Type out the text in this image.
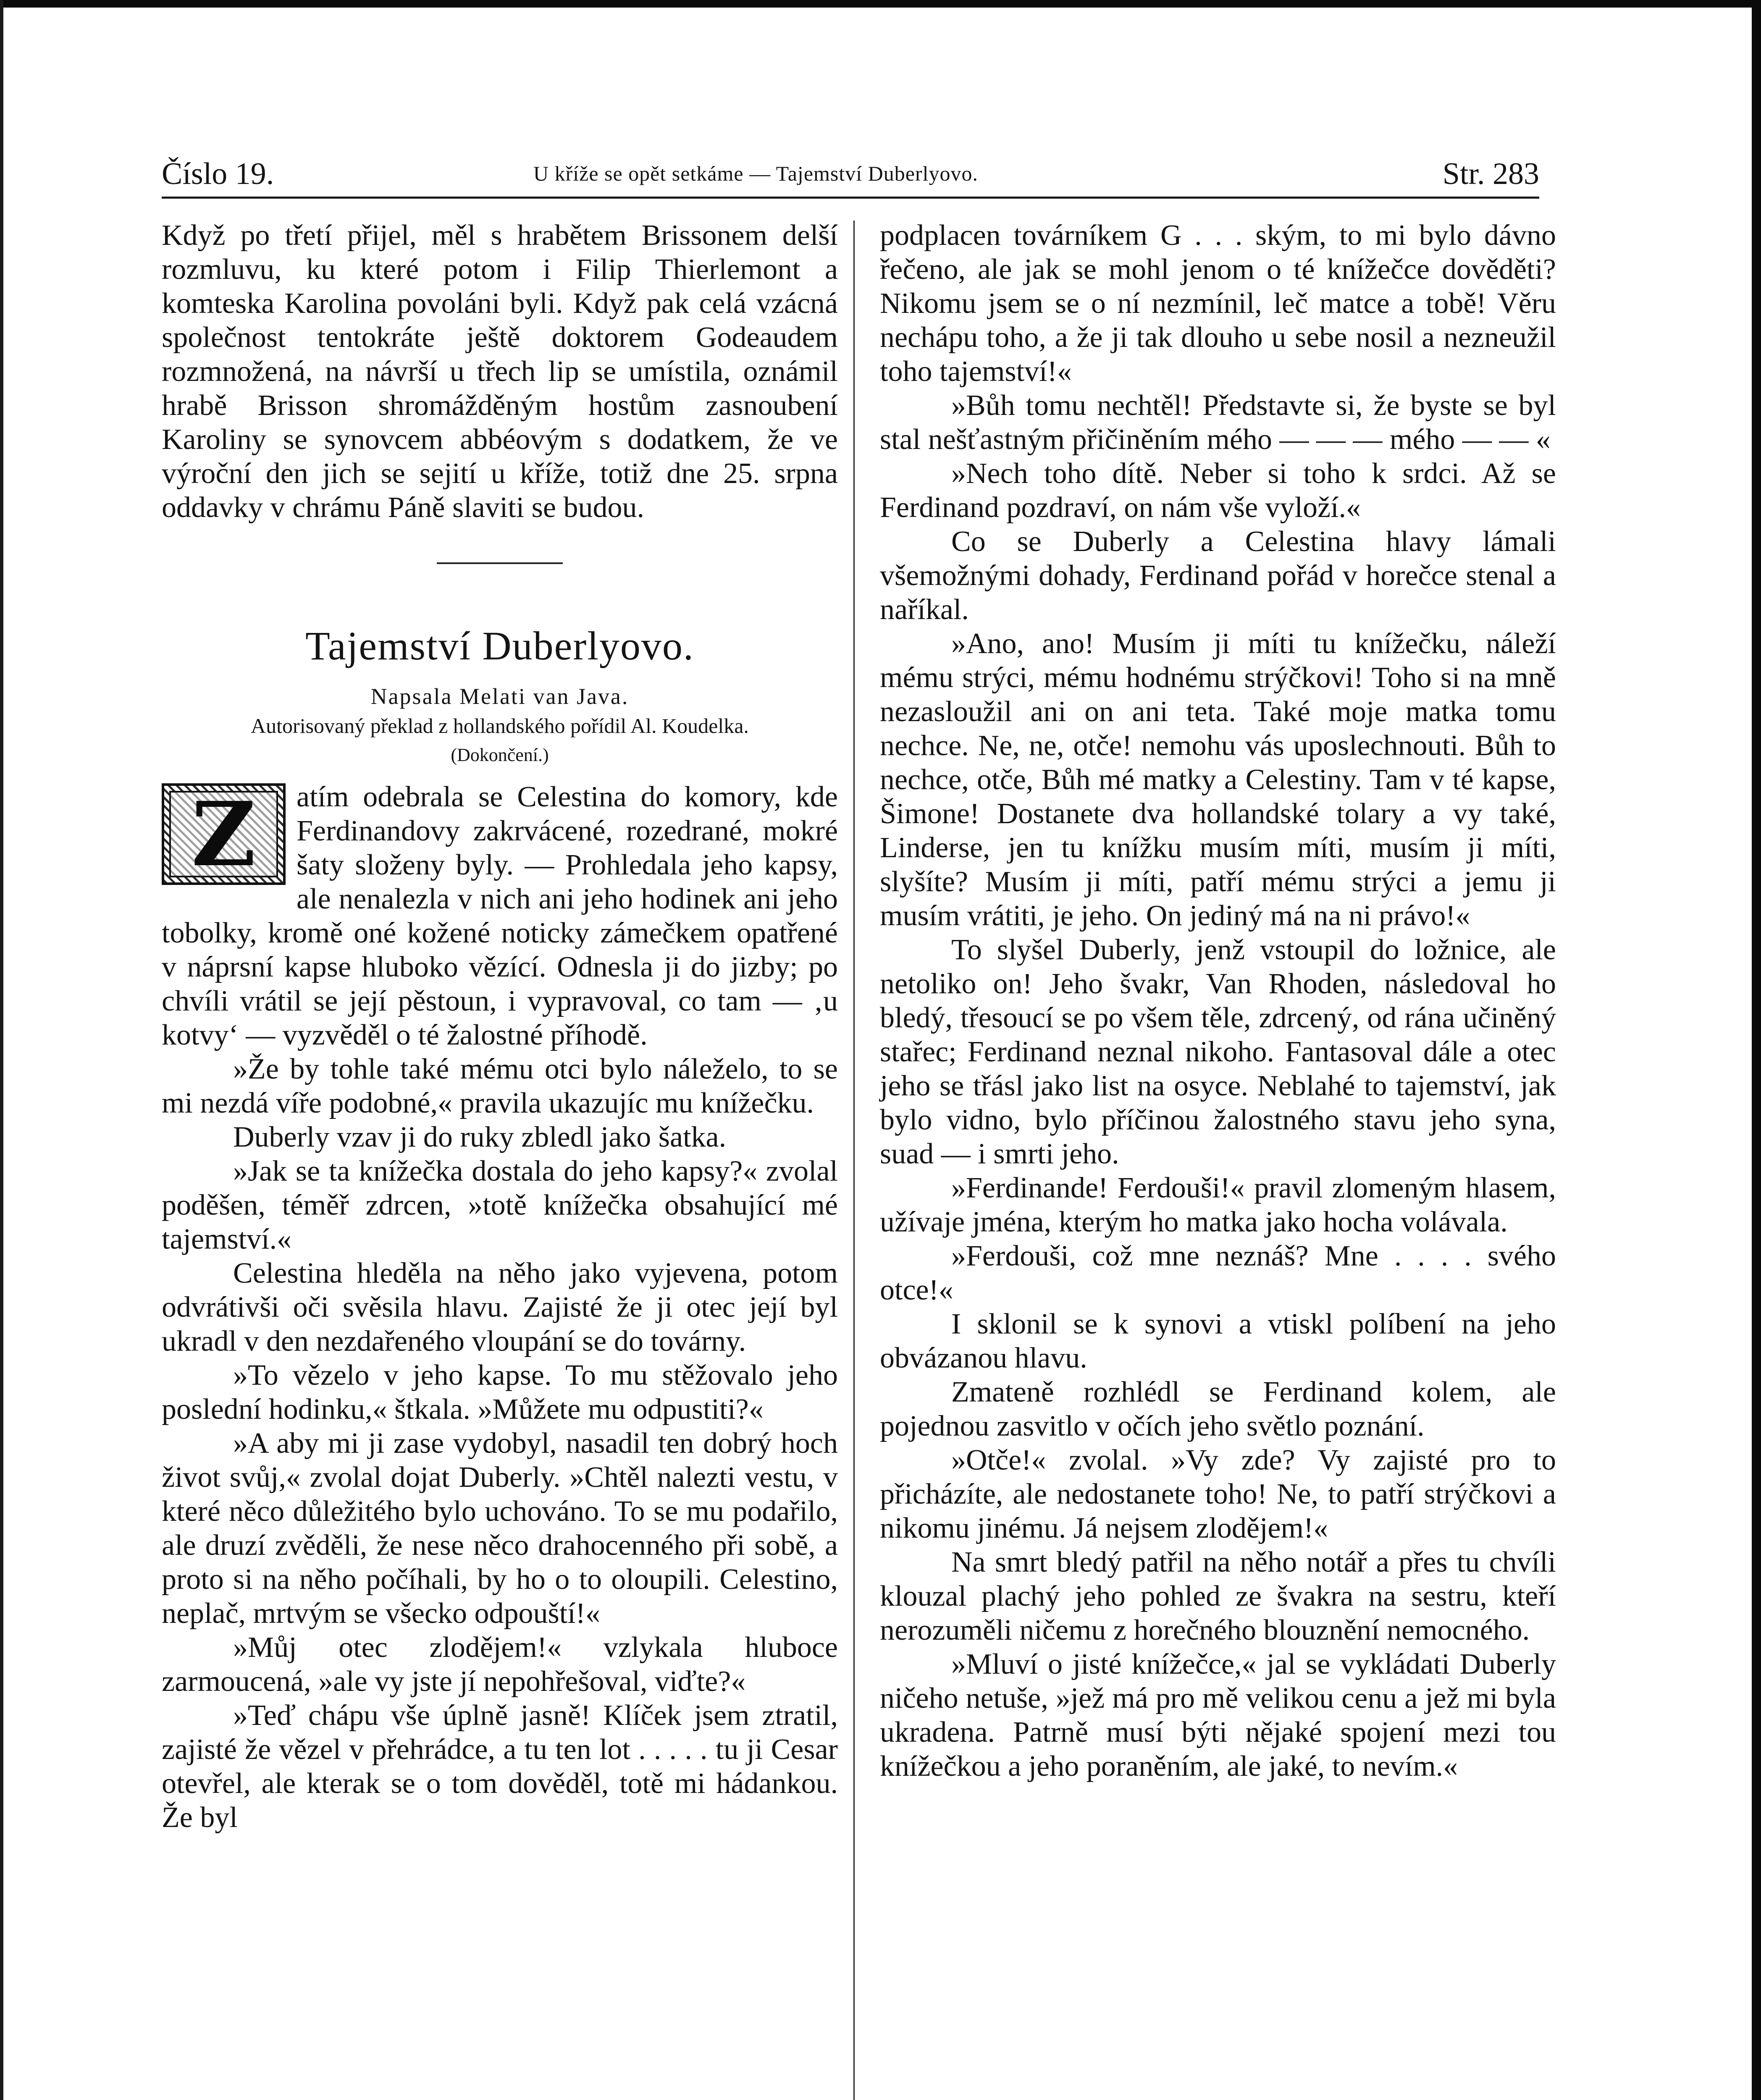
Číslo 19.	U kříže se opět setkáme — Tajemství Duberlyovo.	Str. 283

Když po třetí přijel, měl s hrabětem Brissonem delší rozmluvu, ku které potom i Filip Thierlemont a komteska Karolina povoláni byli. Když pak celá vzácná společnost tentokráte ještě doktorem Godeaudem rozmnožená, na návrší u třech lip se umístila, oznámil hrabě Brisson shromážděným hostům zasnoubení Karoliny se synovcem abbéovým s dodatkem, že ve výroční den jich se sejití u kříže, totiž dne 25. srpna oddavky v chrámu Páně slaviti se budou.

Tajemství Duberlyovo.

Napsala Melati van Java.

Autorisovaný překlad z hollandského pořídil Al. Koudelka.

(Dokončení.)

Z	atím odebrala se Celestina do komory, kde Ferdinandovy zakrvácené, rozedrané, mokré šaty složeny byly. — Prohledala jeho kapsy, ale nenalezla v nich ani jeho hodinek ani jeho tobolky, kromě oné kožené noticky zámečkem opatřené v náprsní kapse hluboko vězící. Odnesla ji do jizby; po chvíli vrátil se její pěstoun, i vypravoval, co tam — ‚u kotvy‘ — vyzvěděl o té žalostné příhodě.

»Že by tohle také mému otci bylo náleželo, to se mi nezdá víře podobné,« pravila ukazujíc mu knížečku.

Duberly vzav ji do ruky zbledl jako šatka.

»Jak se ta knížečka dostala do jeho kapsy?« zvolal poděšen, téměř zdrcen, »totě knížečka obsahující mé tajemství.«

Celestina hleděla na něho jako vyjevena, potom odvrátivši oči svěsila hlavu. Zajisté že ji otec její byl ukradl v den nezdařeného vloupání se do továrny.

»To vězelo v jeho kapse. To mu stěžovalo jeho poslední hodinku,« štkala. »Můžete mu odpustiti?«

»A aby mi ji zase vydobyl, nasadil ten dobrý hoch život svůj,« zvolal dojat Duberly. »Chtěl nalezti vestu, v které něco důležitého bylo uchováno. To se mu podařilo, ale druzí zvěděli, že nese něco drahocenného při sobě, a proto si na něho počíhali, by ho o to oloupili. Celestino, neplač, mrtvým se všecko odpouští!«

»Můj otec zlodějem!« vzlykala hluboce zarmoucená, »ale vy jste jí nepohřešoval, viďte?«

»Teď chápu vše úplně jasně! Klíček jsem ztratil, zajisté že vězel v přehrádce, a tu ten lot . . . . . tu ji Cesar otevřel, ale kterak se o tom dověděl, totě mi hádankou. Že byl

podplacen továrníkem G . . . ským, to mi bylo dávno řečeno, ale jak se mohl jenom o té knížečce dověděti? Nikomu jsem se o ní nezmínil, leč matce a tobě! Věru nechápu toho, a že ji tak dlouho u sebe nosil a nezneužil toho tajemství!«

»Bůh tomu nechtěl! Představte si, že byste se byl stal nešťastným přičiněním mého — — — mého — — «

»Nech toho dítě. Neber si toho k srdci. Až se Ferdinand pozdraví, on nám vše vyloží.«

Co se Duberly a Celestina hlavy lámali všemožnými dohady, Ferdinand pořád v horečce stenal a naříkal.

»Ano, ano! Musím ji míti tu knížečku, náleží mému strýci, mému hodnému strýčkovi! Toho si na mně nezasloužil ani on ani teta. Také moje matka tomu nechce. Ne, ne, otče! nemohu vás uposlechnouti. Bůh to nechce, otče, Bůh mé matky a Celestiny. Tam v té kapse, Šimone! Dostanete dva hollandské tolary a vy také, Linderse, jen tu knížku musím míti, musím ji míti, slyšíte? Musím ji míti, patří mému strýci a jemu ji musím vrátiti, je jeho. On jediný má na ni právo!«

To slyšel Duberly, jenž vstoupil do ložnice, ale netoliko on! Jeho švakr, Van Rhoden, následoval ho bledý, třesoucí se po všem těle, zdrcený, od rána učiněný stařec; Ferdinand neznal nikoho. Fantasoval dále a otec jeho se třásl jako list na osyce. Neblahé to tajemství, jak bylo vidno, bylo příčinou žalostného stavu jeho syna, suad — i smrti jeho.

»Ferdinande! Ferdouši!« pravil zlomeným hlasem, užívaje jména, kterým ho matka jako hocha volávala.

»Ferdouši, což mne neznáš? Mne . . . . svého otce!«

I sklonil se k synovi a vtiskl políbení na jeho obvázanou hlavu.

Zmateně rozhlédl se Ferdinand kolem, ale pojednou zasvitlo v očích jeho světlo poznání.

»Otče!« zvolal. »Vy zde? Vy zajisté pro to přicházíte, ale nedostanete toho! Ne, to patří strýčkovi a nikomu jinému. Já nejsem zlodějem!«

Na smrt bledý patřil na něho notář a přes tu chvíli klouzal plachý jeho pohled ze švakra na sestru, kteří nerozuměli ničemu z horečného blouznění nemocného.

»Mluví o jisté knížečce,« jal se vykládati Duberly ničeho netuše, »jež má pro mě velikou cenu a jež mi byla ukradena. Patrně musí býti nějaké spojení mezi tou knížečkou a jeho poraněním, ale jaké, to nevím.«
